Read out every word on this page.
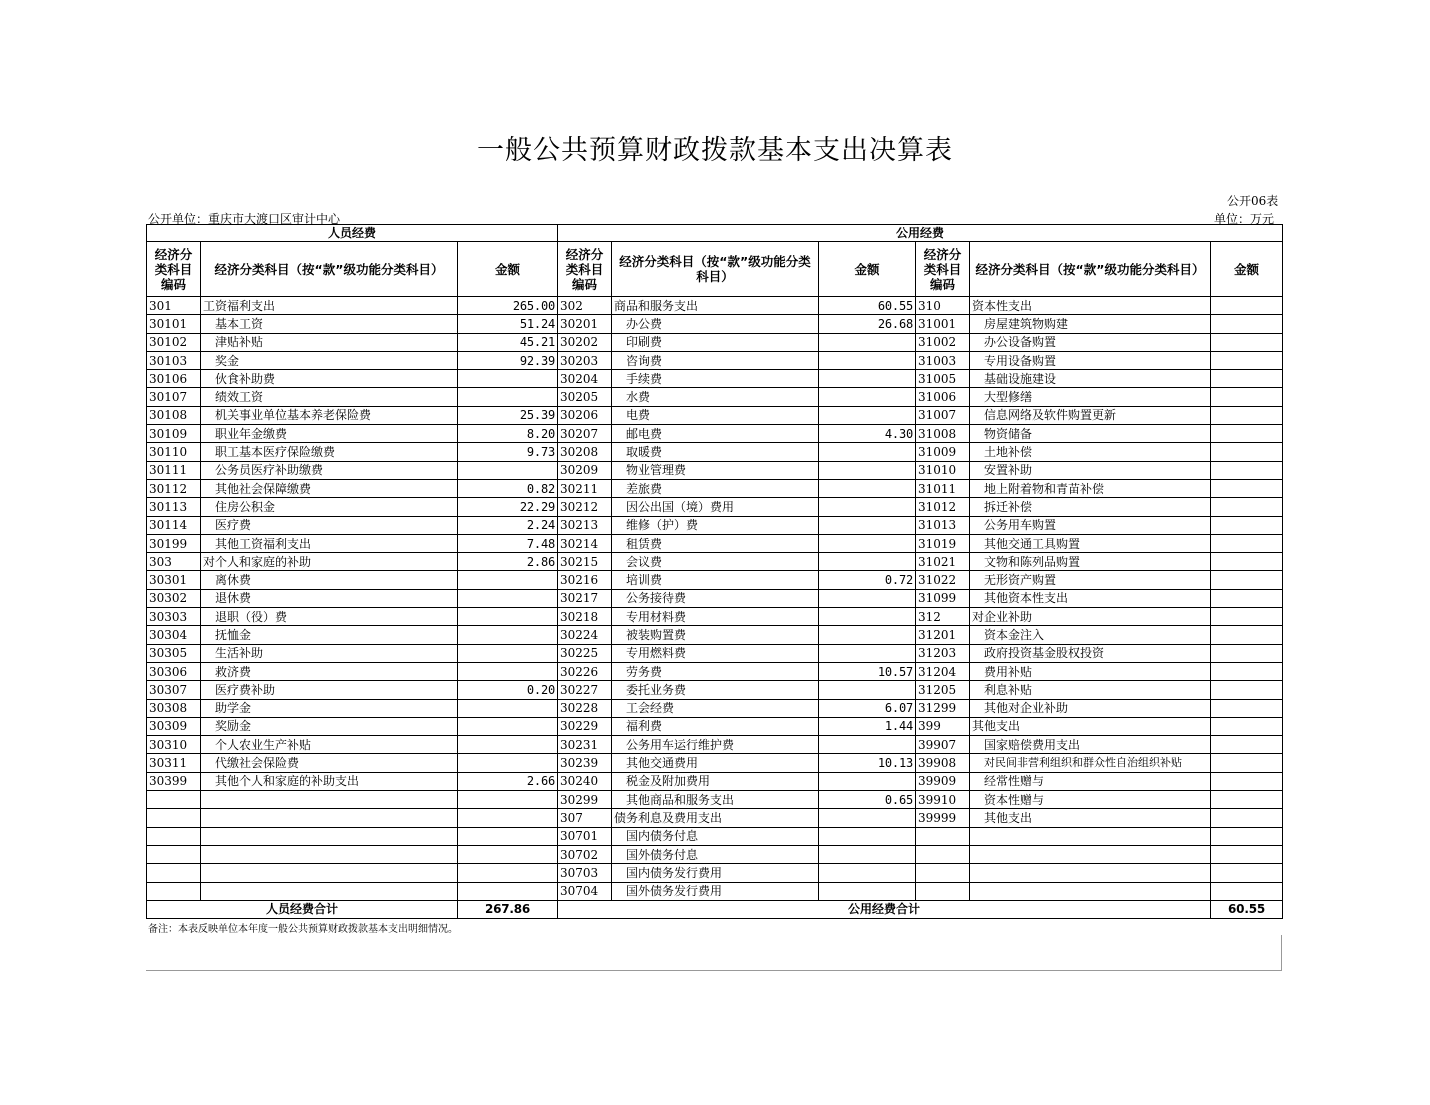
一般公共预算财政拨款基本支出决算表
公开06表
公开单位：重庆市大渡口区审计中心	单位：万元
人员经费			公用经费					
经济分类科目编码	经济分类科目（按“款”级功能分类科目）	金额	经济分类科目编码	经济分类科目（按“款”级功能分类科目）	金额	经济分类科目编码	经济分类科目（按“款”级功能分类科目）	金额
301	工资福利支出	265.00	302	商品和服务支出	60.55	310	资本性支出	
30101	基本工资	51.24	30201	办公费	26.68	31001	房屋建筑物购建	
30102	津贴补贴	45.21	30202	印刷费		31002	办公设备购置	
30103	奖金	92.39	30203	咨询费		31003	专用设备购置	
30106	伙食补助费		30204	手续费		31005	基础设施建设	
30107	绩效工资		30205	水费		31006	大型修缮	
30108	机关事业单位基本养老保险费	25.39	30206	电费		31007	信息网络及软件购置更新	
30109	职业年金缴费	8.20	30207	邮电费	4.30	31008	物资储备	
30110	职工基本医疗保险缴费	9.73	30208	取暖费		31009	土地补偿	
30111	公务员医疗补助缴费		30209	物业管理费		31010	安置补助	
30112	其他社会保障缴费	0.82	30211	差旅费		31011	地上附着物和青苗补偿	
30113	住房公积金	22.29	30212	因公出国（境）费用		31012	拆迁补偿	
30114	医疗费	2.24	30213	维修（护）费		31013	公务用车购置	
30199	其他工资福利支出	7.48	30214	租赁费		31019	其他交通工具购置	
303	对个人和家庭的补助	2.86	30215	会议费		31021	文物和陈列品购置	
30301	离休费		30216	培训费	0.72	31022	无形资产购置	
30302	退休费		30217	公务接待费		31099	其他资本性支出	
30303	退职（役）费		30218	专用材料费		312	对企业补助	
30304	抚恤金		30224	被装购置费		31201	资本金注入	
30305	生活补助		30225	专用燃料费		31203	政府投资基金股权投资	
30306	救济费		30226	劳务费	10.57	31204	费用补贴	
30307	医疗费补助	0.20	30227	委托业务费		31205	利息补贴	
30308	助学金		30228	工会经费	6.07	31299	其他对企业补助	
30309	奖励金		30229	福利费	1.44	399	其他支出	
30310	个人农业生产补贴		30231	公务用车运行维护费		39907	国家赔偿费用支出	
30311	代缴社会保险费		30239	其他交通费用	10.13	39908	对民间非营利组织和群众性自治组织补贴	
30399	其他个人和家庭的补助支出	2.66	30240	税金及附加费用		39909	经常性赠与	
			30299	其他商品和服务支出	0.65	39910	资本性赠与	
			307	债务利息及费用支出		39999	其他支出	
			30701	国内债务付息				
			30702	国外债务付息				
			30703	国内债务发行费用				
			30704	国外债务发行费用				
人员经费合计		267.86	公用经费合计					60.55
备注：本表反映单位本年度一般公共预算财政拨款基本支出明细情况。
